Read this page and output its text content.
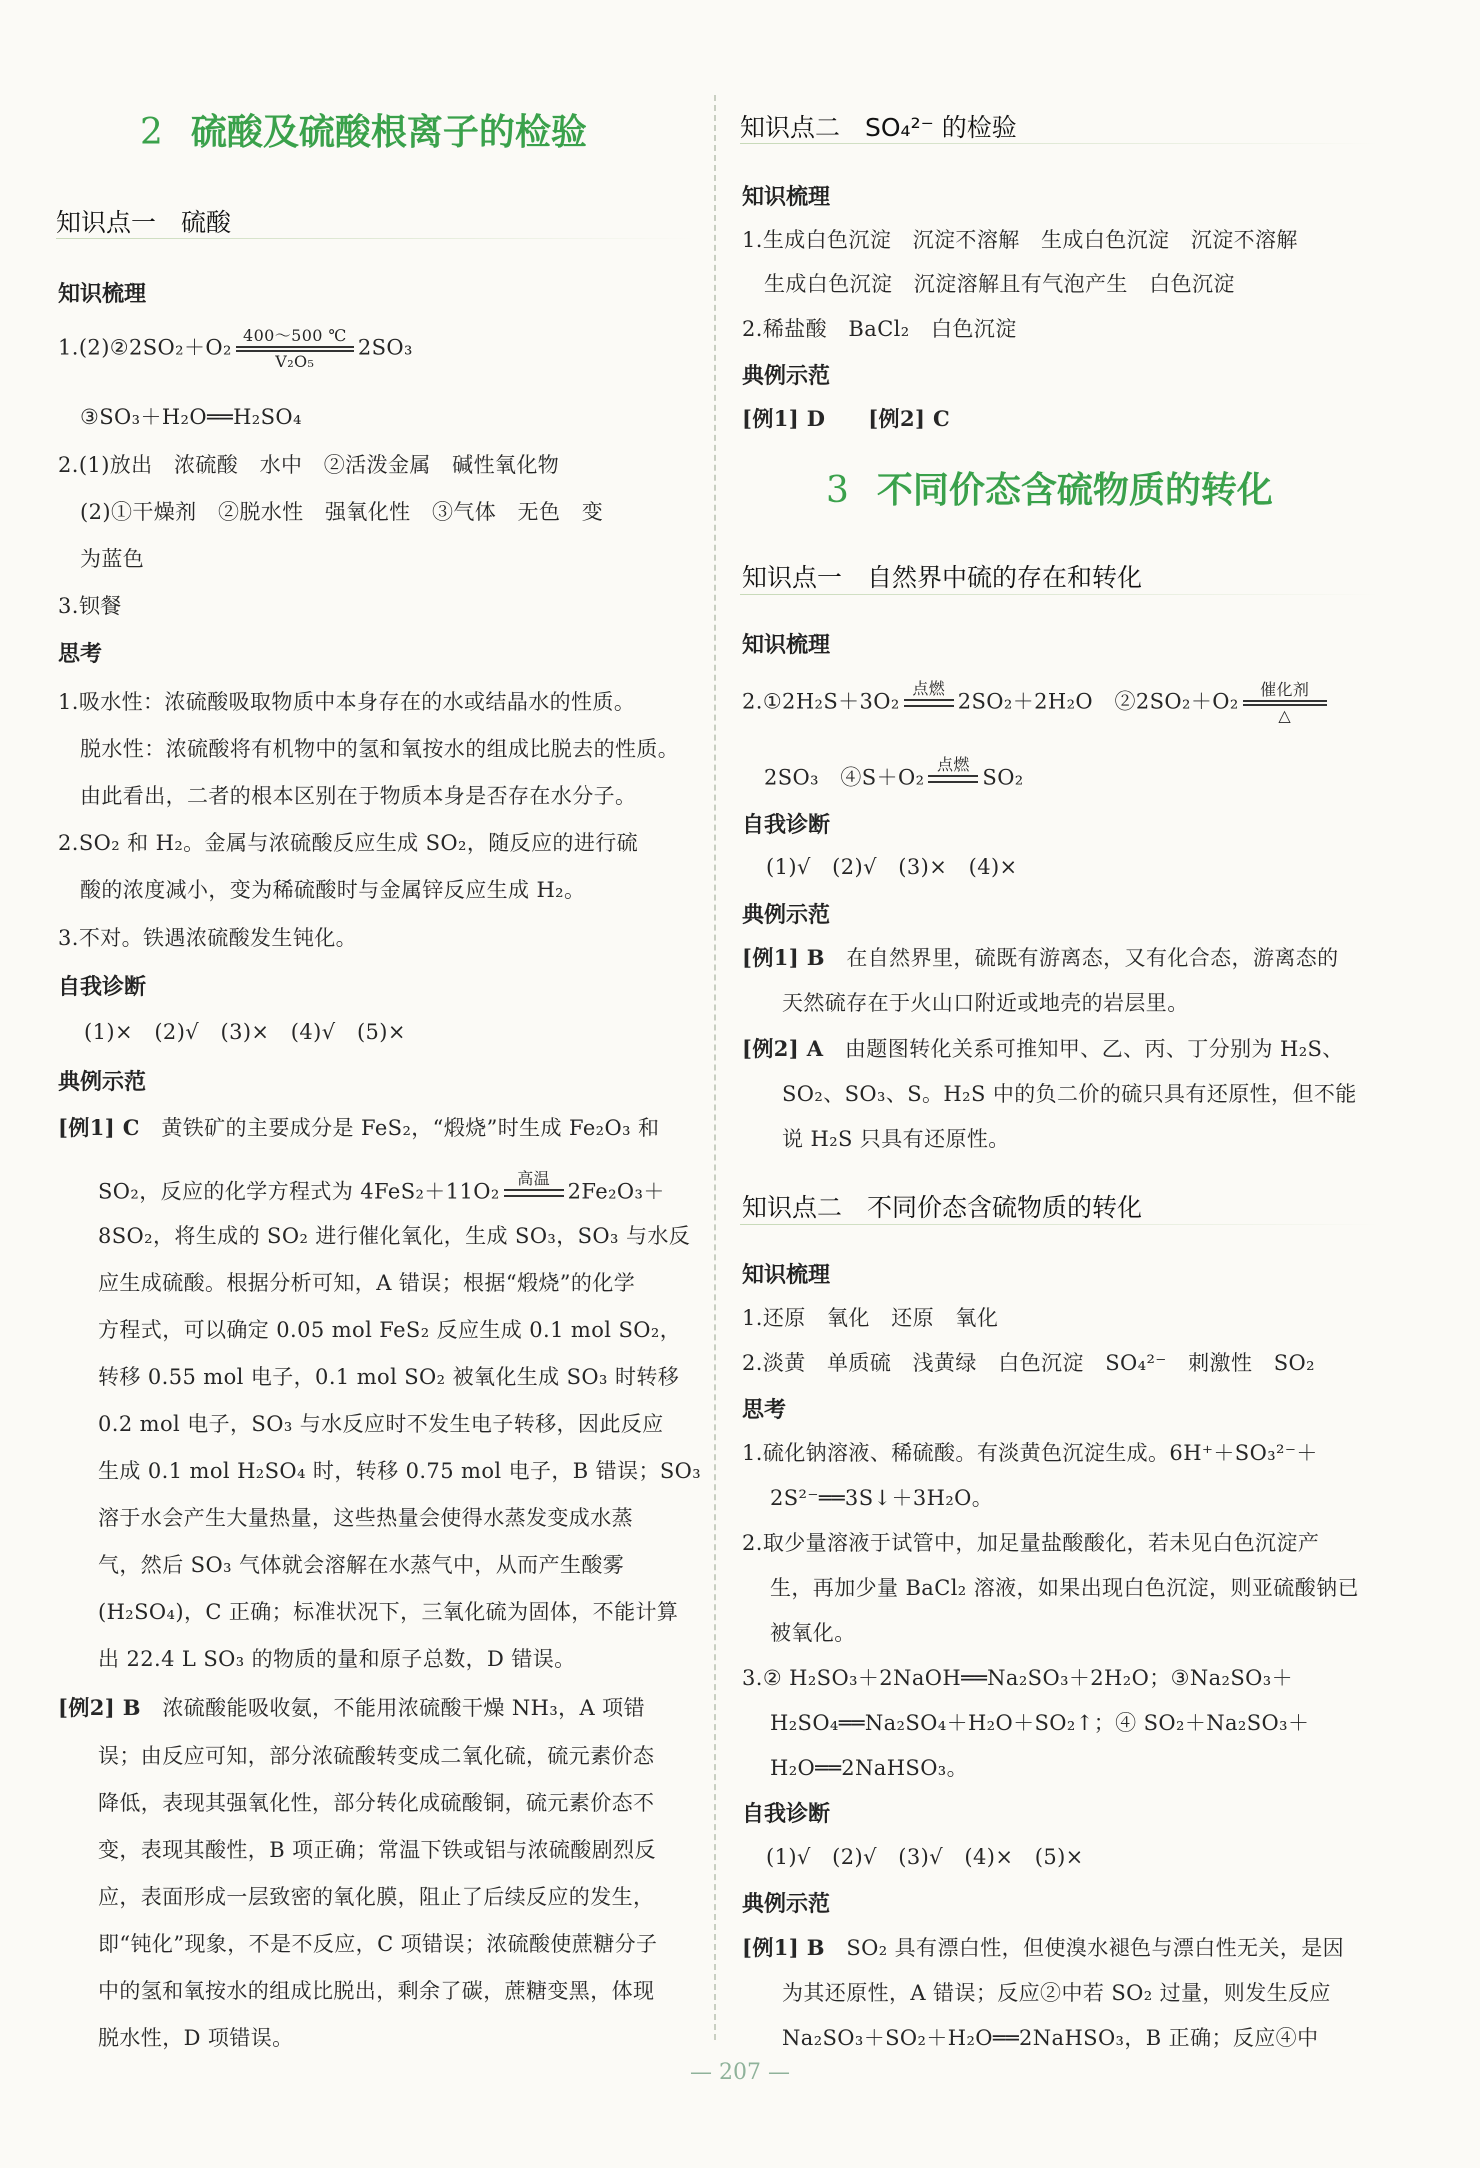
2 硫酸及硫酸根离子的检验
知识点一　硫酸
知识梳理
1.(2)②2SO₂＋O₂ 400～500 ℃
V₂O₅
2SO₃
③SO₃＋H₂O══H₂SO₄
2.(1)放出　浓硫酸　水中　②活泼金属　碱性氧化物
(2)①干燥剂　②脱水性　强氧化性　③气体　无色　变
为蓝色
3.钡餐
思考
1.吸水性：浓硫酸吸取物质中本身存在的水或结晶水的性质。
脱水性：浓硫酸将有机物中的氢和氧按水的组成比脱去的性质。
由此看出，二者的根本区别在于物质本身是否存在水分子。
2.SO₂ 和 H₂。金属与浓硫酸反应生成 SO₂，随反应的进行硫
酸的浓度减小，变为稀硫酸时与金属锌反应生成 H₂。
3.不对。铁遇浓硫酸发生钝化。
自我诊断
(1)×　(2)√　(3)×　(4)√　(5)×
典例示范
[例1] C　 黄铁矿的主要成分是 FeS₂，“煅烧”时生成 Fe₂O₃ 和
SO₂，反应的化学方程式为 4FeS₂＋11O₂
高温
2Fe₂O₃＋
8SO₂，将生成的 SO₂ 进行催化氧化，生成 SO₃，SO₃ 与水反
应生成硫酸。根据分析可知，A 错误；根据“煅烧”的化学
方程式，可以确定 0.05 mol FeS₂ 反应生成 0.1 mol SO₂，
转移 0.55 mol 电子，0.1 mol SO₂ 被氧化生成 SO₃ 时转移
0.2 mol 电子，SO₃ 与水反应时不发生电子转移，因此反应
生成 0.1 mol H₂SO₄ 时，转移 0.75 mol 电子，B 错误；SO₃
溶于水会产生大量热量，这些热量会使得水蒸发变成水蒸
气，然后 SO₃ 气体就会溶解在水蒸气中，从而产生酸雾
(H₂SO₄)，C 正确；标准状况下，三氧化硫为固体，不能计算
出 22.4 L SO₃ 的物质的量和原子总数，D 错误。
[例2] B　 浓硫酸能吸收氨，不能用浓硫酸干燥 NH₃，A 项错
误；由反应可知，部分浓硫酸转变成二氧化硫，硫元素价态
降低，表现其强氧化性，部分转化成硫酸铜，硫元素价态不
变，表现其酸性，B 项正确；常温下铁或铝与浓硫酸剧烈反
应，表面形成一层致密的氧化膜，阻止了后续反应的发生，
即“钝化”现象，不是不反应，C 项错误；浓硫酸使蔗糖分子
中的氢和氧按水的组成比脱出，剩余了碳，蔗糖变黑，体现
脱水性，D 项错误。
知识点二　SO₄²⁻ 的检验
知识梳理
1.生成白色沉淀　沉淀不溶解　生成白色沉淀　沉淀不溶解
生成白色沉淀　沉淀溶解且有气泡产生　白色沉淀
2.稀盐酸　BaCl₂　白色沉淀
典例示范
[例1] D　　[例2] C
3 不同价态含硫物质的转化
知识点一　自然界中硫的存在和转化
知识梳理
2.①2H₂S＋3O₂
点燃
2SO₂＋2H₂O　②2SO₂＋O₂	催化剂
△
2SO₃　④S＋O₂
点燃
SO₂
自我诊断
(1)√　(2)√　(3)×　(4)×
典例示范
[例1] B　 在自然界里，硫既有游离态，又有化合态，游离态的
天然硫存在于火山口附近或地壳的岩层里。
[例2] A　 由题图转化关系可推知甲、乙、丙、丁分别为 H₂S、
SO₂、SO₃、S。H₂S 中的负二价的硫只具有还原性，但不能
说 H₂S 只具有还原性。
知识点二　不同价态含硫物质的转化
知识梳理
1.还原　氧化　还原　氧化
2.淡黄　单质硫　浅黄绿　白色沉淀　SO₄²⁻　刺激性　SO₂
思考
1.硫化钠溶液、稀硫酸。有淡黄色沉淀生成。6H⁺＋SO₃²⁻＋
2S²⁻══3S↓＋3H₂O。
2.取少量溶液于试管中，加足量盐酸酸化，若未见白色沉淀产
生，再加少量 BaCl₂ 溶液，如果出现白色沉淀，则亚硫酸钠已
被氧化。
3.② H₂SO₃＋2NaOH══Na₂SO₃＋2H₂O；③Na₂SO₃＋
H₂SO₄══Na₂SO₄＋H₂O＋SO₂↑；④ SO₂＋Na₂SO₃＋
H₂O══2NaHSO₃。
自我诊断
(1)√　(2)√　(3)√　(4)×　(5)×
典例示范
[例1] B　 SO₂ 具有漂白性，但使溴水褪色与漂白性无关，是因
为其还原性，A 错误；反应②中若 SO₂ 过量，则发生反应
Na₂SO₃＋SO₂＋H₂O══2NaHSO₃，B 正确；反应④中
— 207 —
